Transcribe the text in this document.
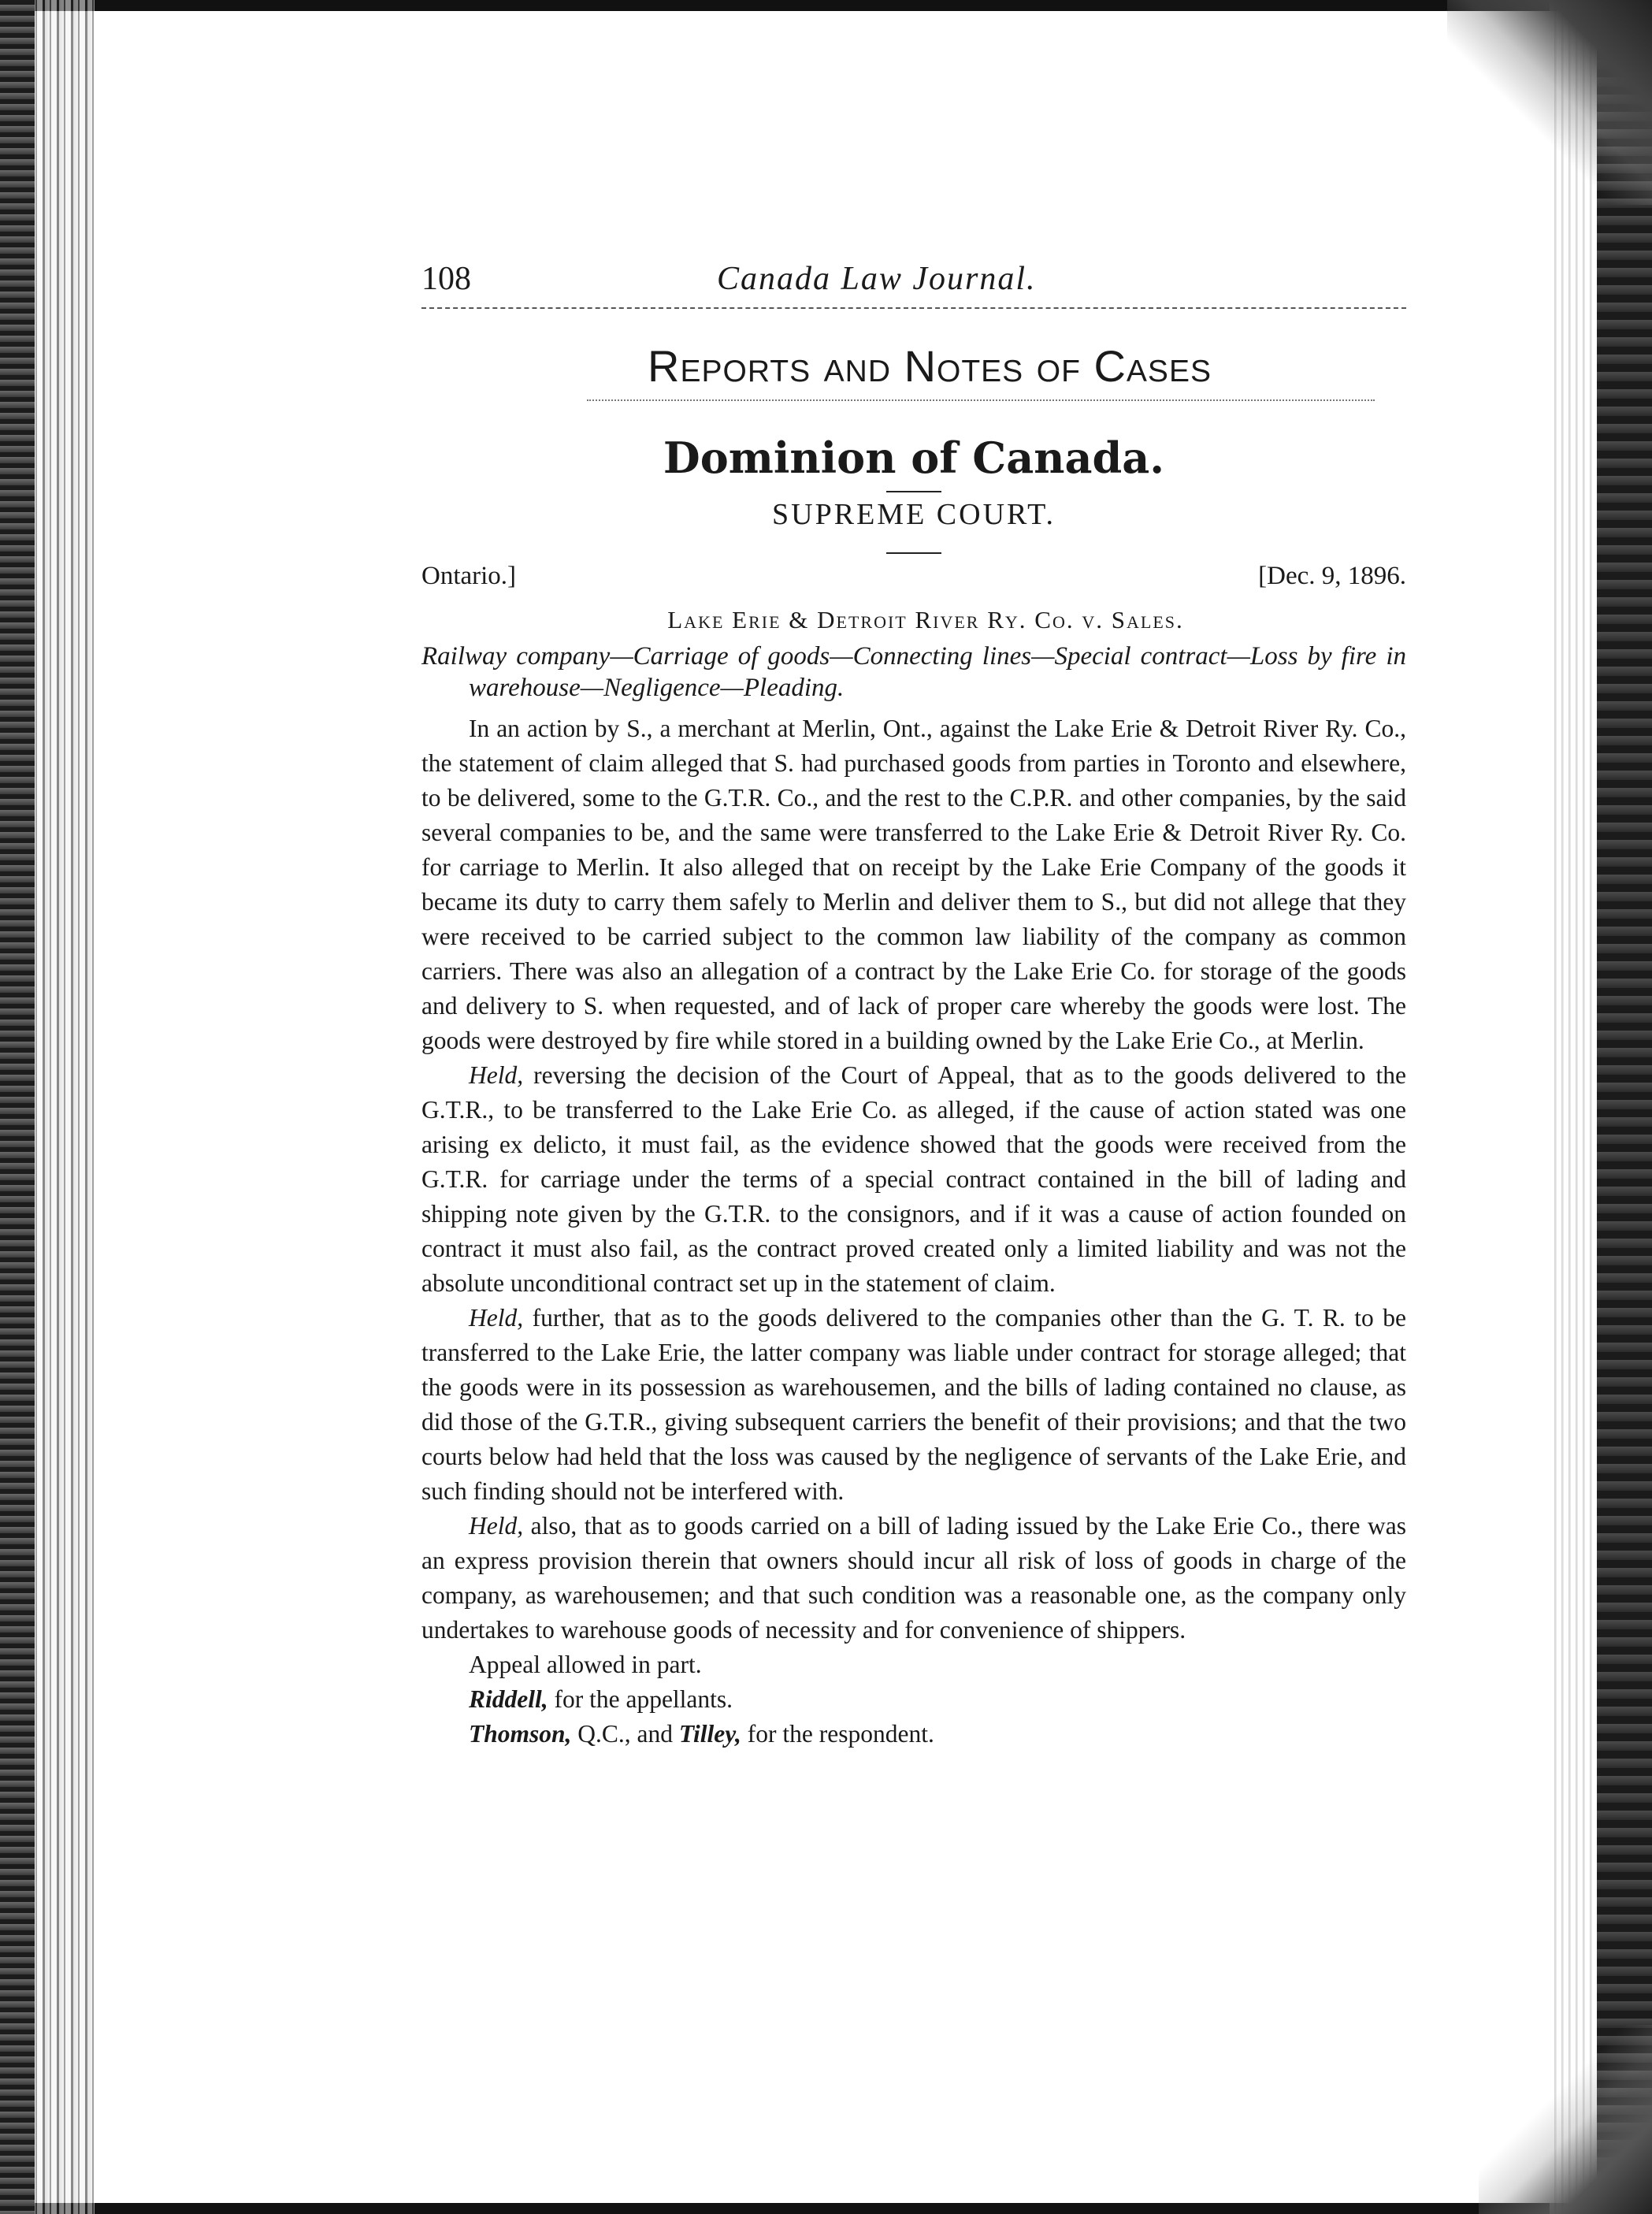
108	Canada Law Journal.
Reports and Notes of Cases
Dominion of Canada.
SUPREME COURT.
Ontario.]	[Dec. 9, 1896.
Lake Erie & Detroit River Ry. Co. v. Sales.
Railway company—Carriage of goods—Connecting lines—Special contract—Loss by fire in warehouse—Negligence—Pleading.

In an action by S., a merchant at Merlin, Ont., against the Lake Erie & Detroit River Ry. Co., the statement of claim alleged that S. had purchased goods from parties in Toronto and elsewhere, to be delivered, some to the G.T.R. Co., and the rest to the C.P.R. and other companies, by the said several companies to be, and the same were transferred to the Lake Erie & Detroit River Ry. Co. for carriage to Merlin. It also alleged that on receipt by the Lake Erie Company of the goods it became its duty to carry them safely to Merlin and deliver them to S., but did not allege that they were received to be carried subject to the common law liability of the company as common carriers. There was also an allegation of a contract by the Lake Erie Co. for storage of the goods and delivery to S. when requested, and of lack of proper care whereby the goods were lost. The goods were destroyed by fire while stored in a building owned by the Lake Erie Co., at Merlin.

Held, reversing the decision of the Court of Appeal, that as to the goods delivered to the G.T.R., to be transferred to the Lake Erie Co. as alleged, if the cause of action stated was one arising ex delicto, it must fail, as the evidence showed that the goods were received from the G.T.R. for carriage under the terms of a special contract contained in the bill of lading and shipping note given by the G.T.R. to the consignors, and if it was a cause of action founded on contract it must also fail, as the contract proved created only a limited liability and was not the absolute unconditional contract set up in the statement of claim.

Held, further, that as to the goods delivered to the companies other than the G. T. R. to be transferred to the Lake Erie, the latter company was liable under contract for storage alleged; that the goods were in its possession as warehousemen, and the bills of lading contained no clause, as did those of the G.T.R., giving subsequent carriers the benefit of their provisions; and that the two courts below had held that the loss was caused by the negligence of servants of the Lake Erie, and such finding should not be interfered with.

Held, also, that as to goods carried on a bill of lading issued by the Lake Erie Co., there was an express provision therein that owners should incur all risk of loss of goods in charge of the company, as warehousemen; and that such condition was a reasonable one, as the company only undertakes to warehouse goods of necessity and for convenience of shippers.

Appeal allowed in part.

Riddell, for the appellants.

Thomson, Q.C., and Tilley, for the respondent.
